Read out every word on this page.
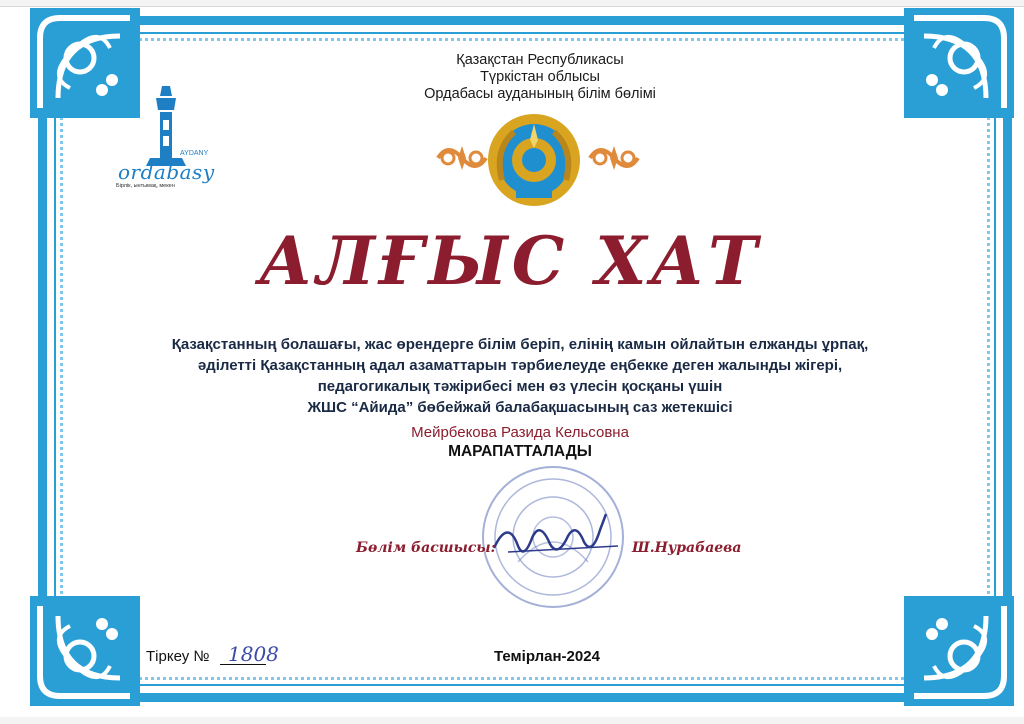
Қазақстан Республикасы
Түркістан облысы
Ордабасы ауданының білім бөлімі
AYDANY
ordabasy
Бірлік, ынтымақ, мекен
АЛҒЫС ХАТ
Қазақстанның болашағы, жас өрендерге білім беріп, елінің камын ойлайтын елжанды ұрпақ,
әділетті Қазақстанның адал азаматтарын тәрбиелеуде еңбекке деген жалынды жігері,
педагогикалық тәжірибесі мен өз үлесін қосқаны үшін
ЖШС “Айида” бөбейжай балабақшасының саз жетекшісі
Мейрбекова Разида Кельсовна
МАРАПАТТАЛАДЫ
Бөлім басшысы:	Ш.Нурабаева
Тіркеу № 1808	Темірлан-2024
